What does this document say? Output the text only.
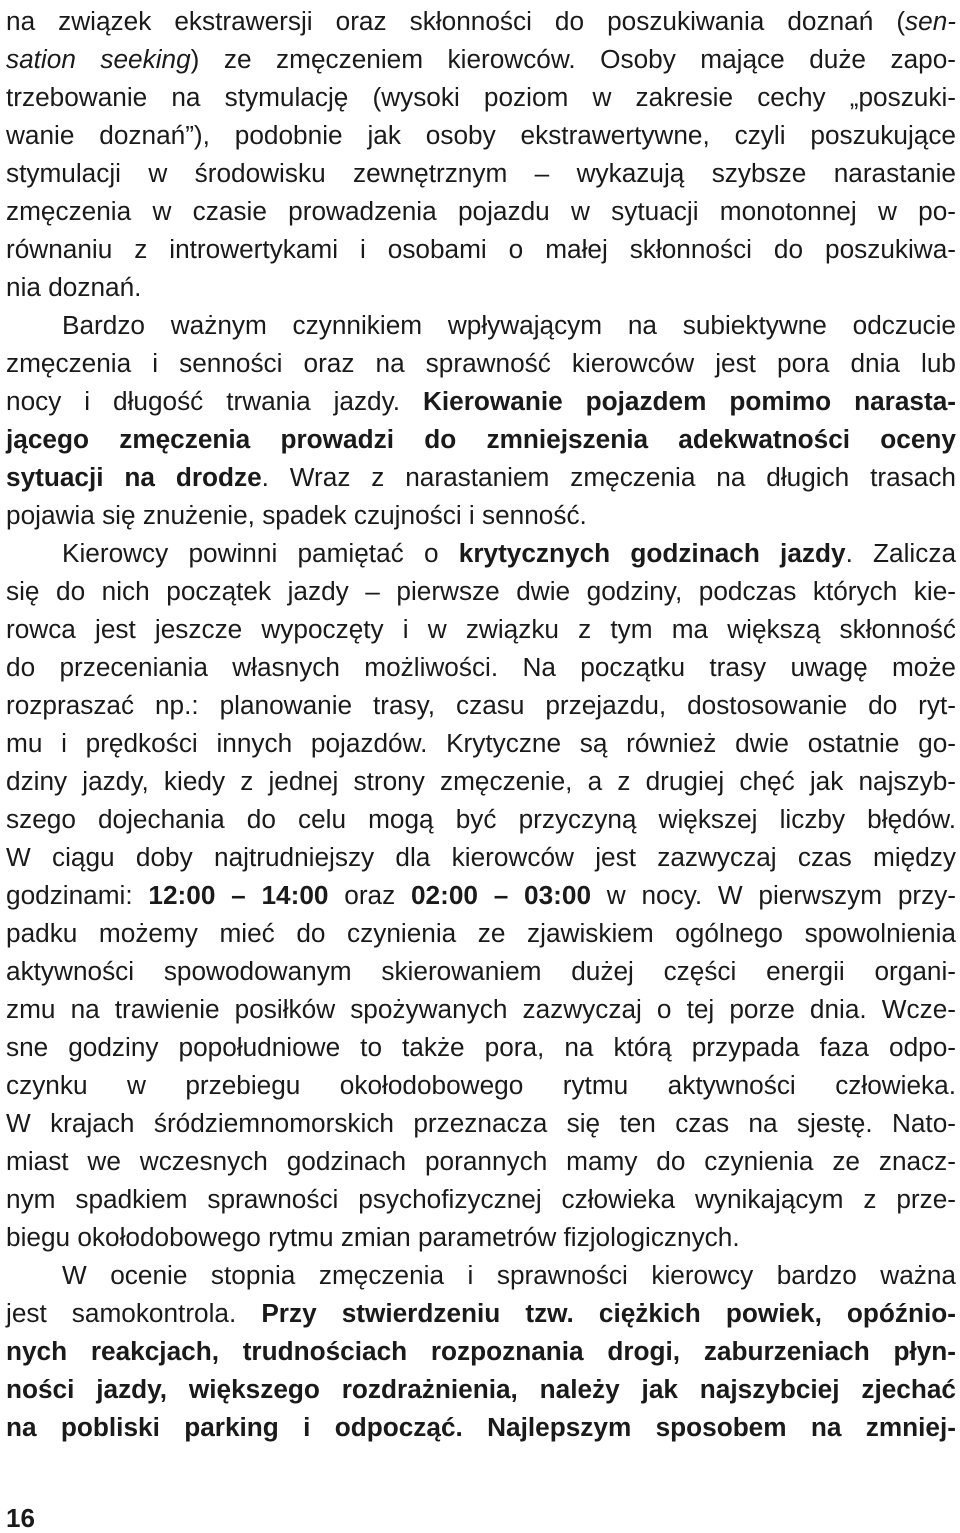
na związek ekstrawersji oraz skłonności do poszukiwania doznań (sen-
sation seeking) ze zmęczeniem kierowców. Osoby mające duże zapo-
trzebowanie na stymulację (wysoki poziom w zakresie cechy „poszuki-
wanie doznań”), podobnie jak osoby ekstrawertywne, czyli poszukujące
stymulacji w środowisku zewnętrznym – wykazują szybsze narastanie
zmęczenia w czasie prowadzenia pojazdu w sytuacji monotonnej w po-
równaniu z introwertykami i osobami o małej skłonności do poszukiwa-
nia doznań.
Bardzo ważnym czynnikiem wpływającym na subiektywne odczucie
zmęczenia i senności oraz na sprawność kierowców jest pora dnia lub
nocy i długość trwania jazdy. Kierowanie pojazdem pomimo narasta-
jącego zmęczenia prowadzi do zmniejszenia adekwatności oceny
sytuacji na drodze. Wraz z narastaniem zmęczenia na długich trasach
pojawia się znużenie, spadek czujności i senność.
Kierowcy powinni pamiętać o krytycznych godzinach jazdy. Zalicza
się do nich początek jazdy – pierwsze dwie godziny, podczas których kie-
rowca jest jeszcze wypoczęty i w związku z tym ma większą skłonność
do przeceniania własnych możliwości. Na początku trasy uwagę może
rozpraszać np.: planowanie trasy, czasu przejazdu, dostosowanie do ryt-
mu i prędkości innych pojazdów. Krytyczne są również dwie ostatnie go-
dziny jazdy, kiedy z jednej strony zmęczenie, a z drugiej chęć jak najszyb-
szego dojechania do celu mogą być przyczyną większej liczby błędów.
W ciągu doby najtrudniejszy dla kierowców jest zazwyczaj czas między
godzinami: 12:00 – 14:00 oraz 02:00 – 03:00 w nocy. W pierwszym przy-
padku możemy mieć do czynienia ze zjawiskiem ogólnego spowolnienia
aktywności spowodowanym skierowaniem dużej części energii organi-
zmu na trawienie posiłków spożywanych zazwyczaj o tej porze dnia. Wcze-
sne godziny popołudniowe to także pora, na którą przypada faza odpo-
czynku w przebiegu okołodobowego rytmu aktywności człowieka.
W krajach śródziemnomorskich przeznacza się ten czas na sjestę. Nato-
miast we wczesnych godzinach porannych mamy do czynienia ze znacz-
nym spadkiem sprawności psychofizycznej człowieka wynikającym z prze-
biegu okołodobowego rytmu zmian parametrów fizjologicznych.
W ocenie stopnia zmęczenia i sprawności kierowcy bardzo ważna
jest samokontrola. Przy stwierdzeniu tzw. ciężkich powiek, opóźnio-
nych reakcjach, trudnościach rozpoznania drogi, zaburzeniach płyn-
ności jazdy, większego rozdrażnienia, należy jak najszybciej zjechać
na pobliski parking i odpocząć. Najlepszym sposobem na zmniej-
16
